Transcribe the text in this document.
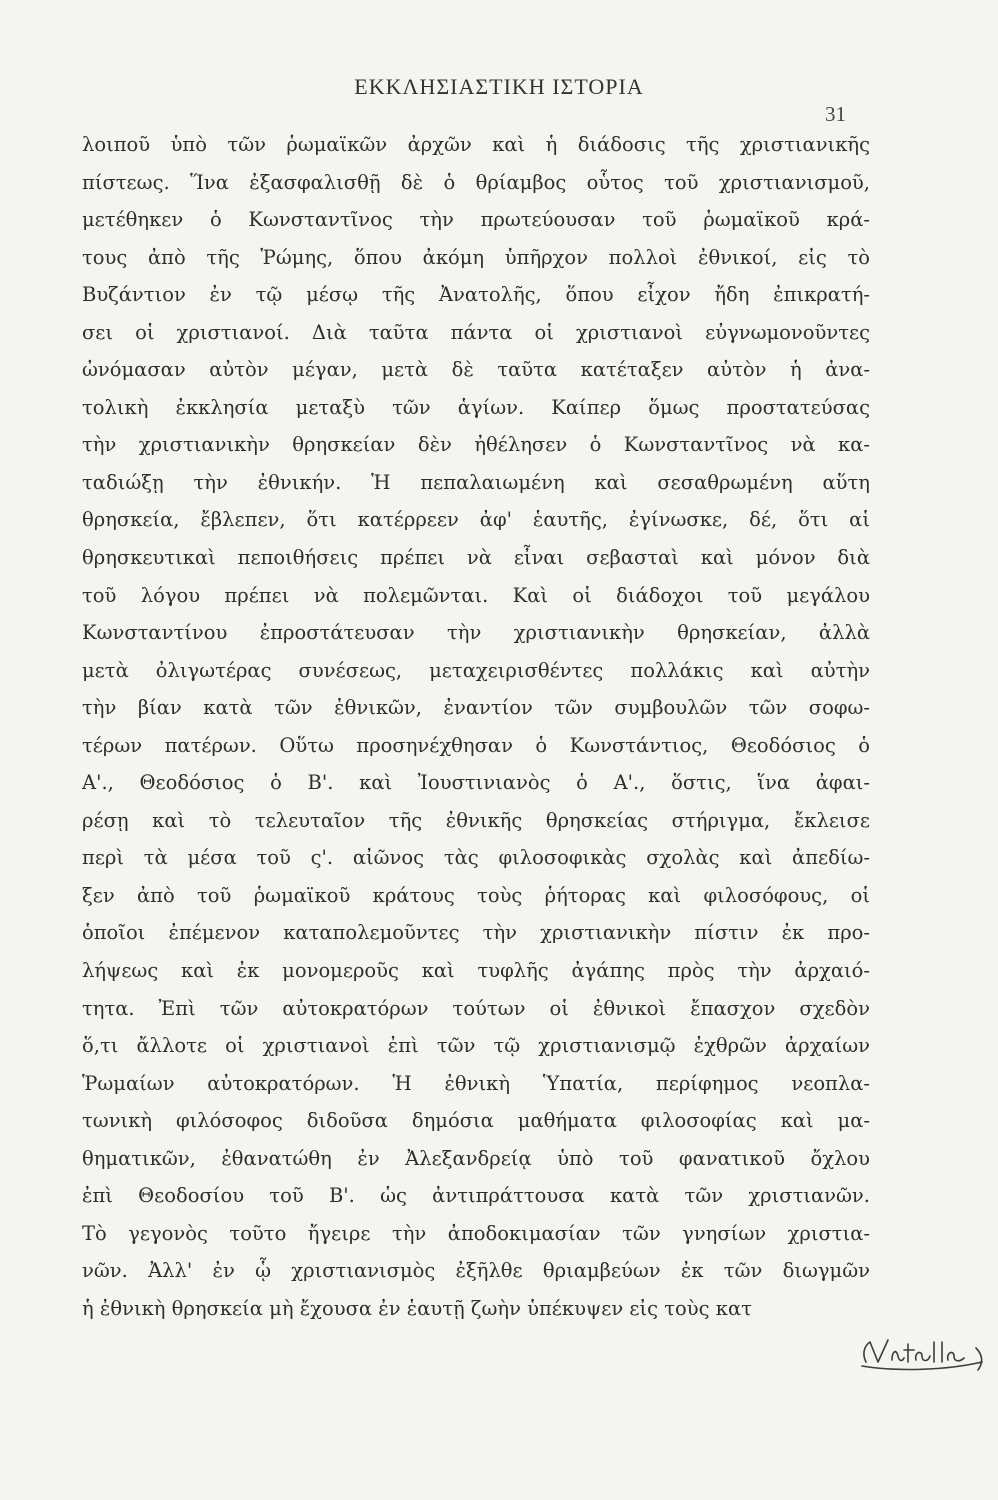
ΕΚΚΛΗΣΙΑΣΤΙΚΗ ΙΣΤΟΡΙΑ
31
λοιποῦ ὑπὸ τῶν ῥωμαϊκῶν ἀρχῶν καὶ ἡ διάδοσις τῆς χριστιανικῆς
πίστεως. Ἵνα ἐξασφαλισθῇ δὲ ὁ θρίαμβος οὗτος τοῦ χριστιανισμοῦ,
μετέθηκεν ὁ Κωνσταντῖνος τὴν πρωτεύουσαν τοῦ ῥωμαϊκοῦ κρά-
τους ἀπὸ τῆς Ῥώμης, ὅπου ἀκόμη ὑπῆρχον πολλοὶ ἐθνικοί, εἰς τὸ
Βυζάντιον ἐν τῷ μέσῳ τῆς Ἀνατολῆς, ὅπου εἶχον ἤδη ἐπικρατή-
σει οἱ χριστιανοί. Διὰ ταῦτα πάντα οἱ χριστιανοὶ εὐγνωμονοῦντες
ὠνόμασαν αὐτὸν μέγαν, μετὰ δὲ ταῦτα κατέταξεν αὐτὸν ἡ ἀνα-
τολικὴ ἐκκλησία μεταξὺ τῶν ἁγίων. Καίπερ ὅμως προστατεύσας
τὴν χριστιανικὴν θρησκείαν δὲν ἠθέλησεν ὁ Κωνσταντῖνος νὰ κα-
ταδιώξῃ τὴν ἐθνικήν. Ἡ πεπαλαιωμένη καὶ σεσαθρωμένη αὕτη
θρησκεία, ἔβλεπεν, ὅτι κατέρρεεν ἀφ' ἑαυτῆς, ἐγίνωσκε, δέ, ὅτι αἱ
θρησκευτικαὶ πεποιθήσεις πρέπει νὰ εἶναι σεβασταὶ καὶ μόνον διὰ
τοῦ λόγου πρέπει νὰ πολεμῶνται. Καὶ οἱ διάδοχοι τοῦ μεγάλου
Κωνσταντίνου ἐπροστάτευσαν τὴν χριστιανικὴν θρησκείαν, ἀλλὰ
μετὰ ὀλιγωτέρας συνέσεως, μεταχειρισθέντες πολλάκις καὶ αὐτὴν
τὴν βίαν κατὰ τῶν ἐθνικῶν, ἐναντίον τῶν συμβουλῶν τῶν σοφω-
τέρων πατέρων. Οὕτω προσηνέχθησαν ὁ Κωνστάντιος, Θεοδόσιος ὁ
Α'., Θεοδόσιος ὁ Β'. καὶ Ἰουστινιανὸς ὁ Α'., ὅστις, ἵνα ἀφαι-
ρέσῃ καὶ τὸ τελευταῖον τῆς ἐθνικῆς θρησκείας στήριγμα, ἔκλεισε
περὶ τὰ μέσα τοῦ ς'. αἰῶνος τὰς φιλοσοφικὰς σχολὰς καὶ ἀπεδίω-
ξεν ἀπὸ τοῦ ῥωμαϊκοῦ κράτους τοὺς ῥήτορας καὶ φιλοσόφους, οἱ
ὁποῖοι ἐπέμενον καταπολεμοῦντες τὴν χριστιανικὴν πίστιν ἐκ προ-
λήψεως καὶ ἐκ μονομεροῦς καὶ τυφλῆς ἀγάπης πρὸς τὴν ἀρχαιό-
τητα. Ἐπὶ τῶν αὐτοκρατόρων τούτων οἱ ἐθνικοὶ ἔπασχον σχεδὸν
ὅ,τι ἄλλοτε οἱ χριστιανοὶ ἐπὶ τῶν τῷ χριστιανισμῷ ἐχθρῶν ἀρχαίων
Ῥωμαίων αὐτοκρατόρων. Ἡ ἐθνικὴ Ὑπατία, περίφημος νεοπλα-
τωνικὴ φιλόσοφος διδοῦσα δημόσια μαθήματα φιλοσοφίας καὶ μα-
θηματικῶν, ἐθανατώθη ἐν Ἀλεξανδρείᾳ ὑπὸ τοῦ φανατικοῦ ὄχλου
ἐπὶ Θεοδοσίου τοῦ Β'. ὡς ἀντιπράττουσα κατὰ τῶν χριστιανῶν.
Τὸ γεγονὸς τοῦτο ἤγειρε τὴν ἀποδοκιμασίαν τῶν γνησίων χριστια-
νῶν. Ἀλλ' ἐν ᾧ χριστιανισμὸς ἐξῆλθε θριαμβεύων ἐκ τῶν διωγμῶν
ἡ ἐθνικὴ θρησκεία μὴ ἔχουσα ἐν ἑαυτῇ ζωὴν ὑπέκυψεν εἰς τοὺς κατ
